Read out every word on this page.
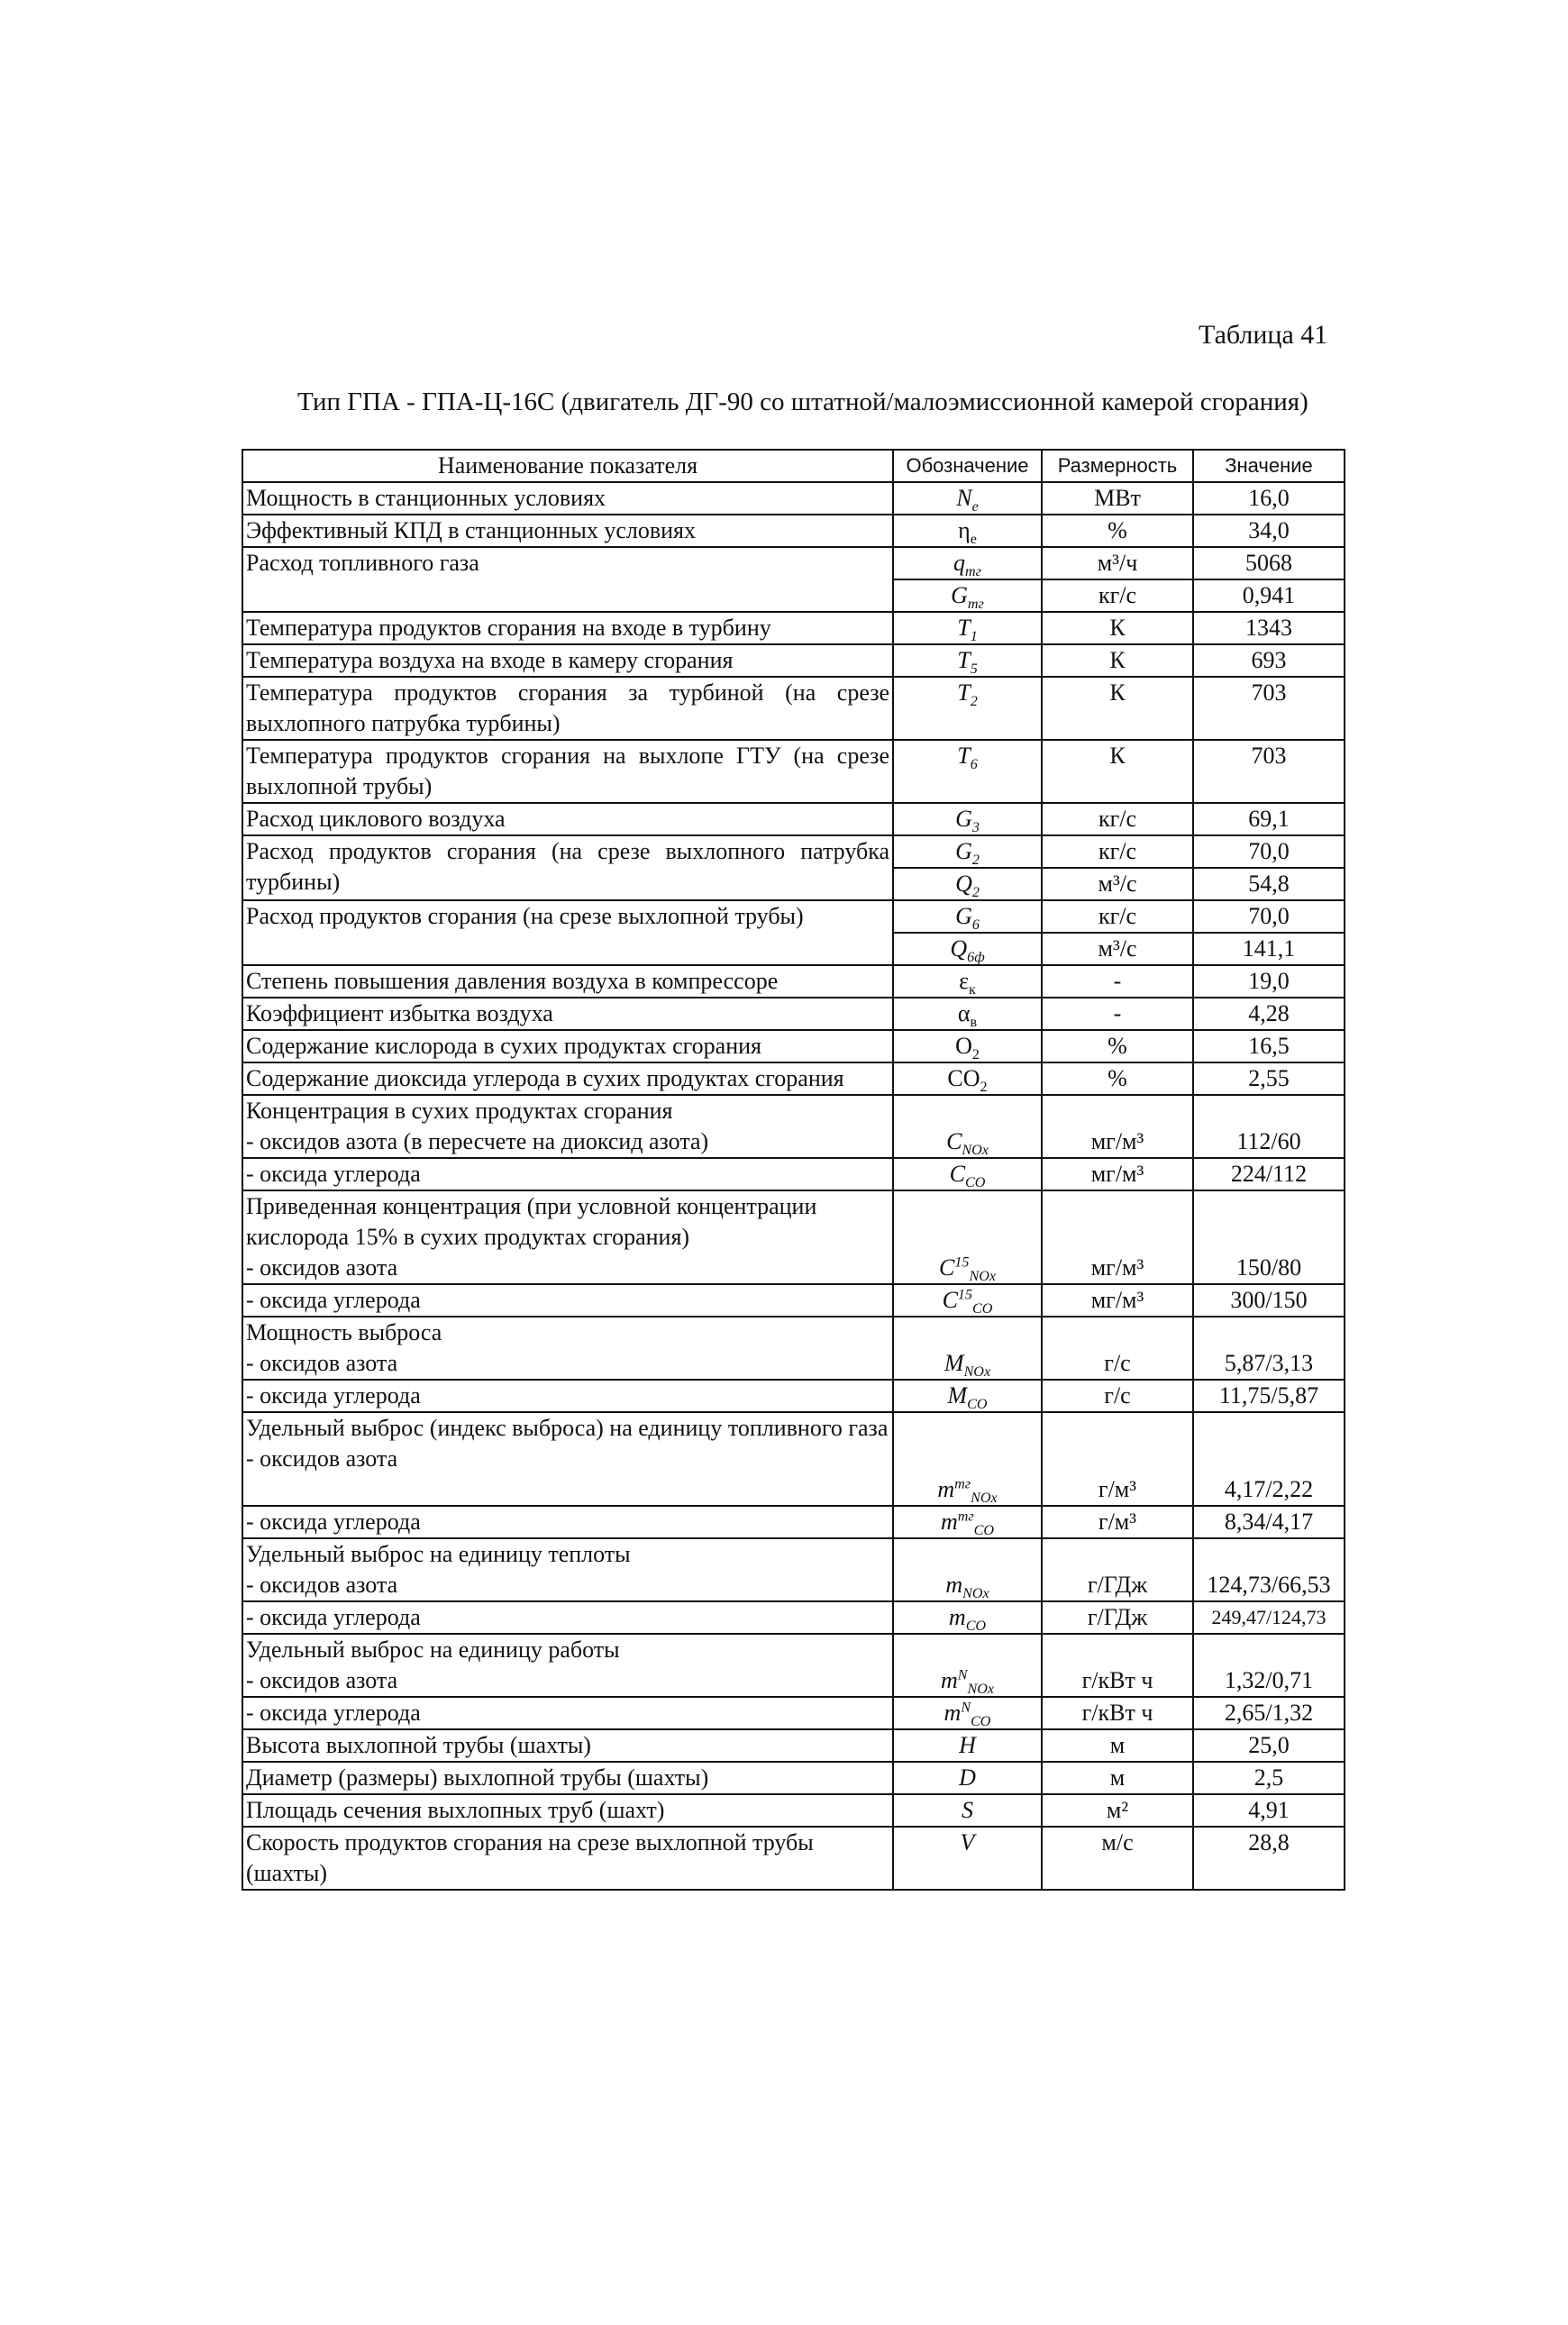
Таблица 41
Тип ГПА - ГПА-Ц-16С (двигатель ДГ-90 со штатной/малоэмиссионной камерой сгорания)
Наименование показателя	Обозначение	Размерность	Значение
Мощность в станционных условиях	$N_е$	МВт	16,0
Эффективный КПД в станционных условиях	$\eta_е$	%	34,0
Расход топливного газа	$q_{тг}$	м³/ч	5068
	$G_{тг}$	кг/с	0,941
Температура продуктов сгорания на входе в турбину	$T_1$	К	1343
Температура воздуха на входе в камеру сгорания	$T_5$	К	693
Температура продуктов сгорания за турбиной (на срезе выхлопного патрубка турбины)	$T_2$	К	703
Температура продуктов сгорания на выхлопе ГТУ (на срезе выхлопной трубы)	$T_6$	К	703
Расход циклового воздуха	$G_3$	кг/с	69,1
Расход продуктов сгорания (на срезе выхлопного патрубка турбины)	$G_2$	кг/с	70,0
	$Q_2$	м³/с	54,8
Расход продуктов сгорания (на срезе выхлопной трубы)	$G_6$	кг/с	70,0
	$Q_{6ф}$	м³/с	141,1
Степень повышения давления воздуха в компрессоре	$\varepsilon_к$	-	19,0
Коэффициент избытка воздуха	$\alpha_в$	-	4,28
Содержание кислорода в сухих продуктах сгорания	$O_2$	%	16,5
Содержание диоксида углерода в сухих продуктах сгорания	$CO_2$	%	2,55

Концентрация в сухих продуктах сгорания
- оксидов азота (в пересчете на диоксид азота)	$C_{NOx}$	мг/м³	112/60
- оксида углерода	$C_{CO}$	мг/м³	224/112

Приведенная концентрация (при условной концентрации кислорода 15% в сухих продуктах сгорания)
- оксидов азота	$C^{15}_{NOx}$	мг/м³	150/80
- оксида углерода	$C^{15}_{CO}$	мг/м³	300/150

Мощность выброса
- оксидов азота	$M_{NOx}$	г/с	5,87/3,13
- оксида углерода	$M_{CO}$	г/с	11,75/5,87

Удельный выброс (индекс выброса) на единицу топливного газа
- оксидов азота	$m^{тг}_{NOx}$	г/м³	4,17/2,22
- оксида углерода	$m^{тг}_{CO}$	г/м³	8,34/4,17

Удельный выброс на единицу теплоты
- оксидов азота	$m_{NOx}$	г/ГДж	124,73/66,53
- оксида углерода	$m_{CO}$	г/ГДж	249,47/124,73

Удельный выброс на единицу работы
- оксидов азота	$m^N_{NOx}$	г/кВт ч	1,32/0,71
- оксида углерода	$m^N_{CO}$	г/кВт ч	2,65/1,32
Высота выхлопной трубы (шахты)	H	м	25,0
Диаметр (размеры) выхлопной трубы (шахты)	D	м	2,5
Площадь сечения выхлопных труб (шахт)	S	м²	4,91
Скорость продуктов сгорания на срезе выхлопной трубы (шахты)	V	м/с	28,8
